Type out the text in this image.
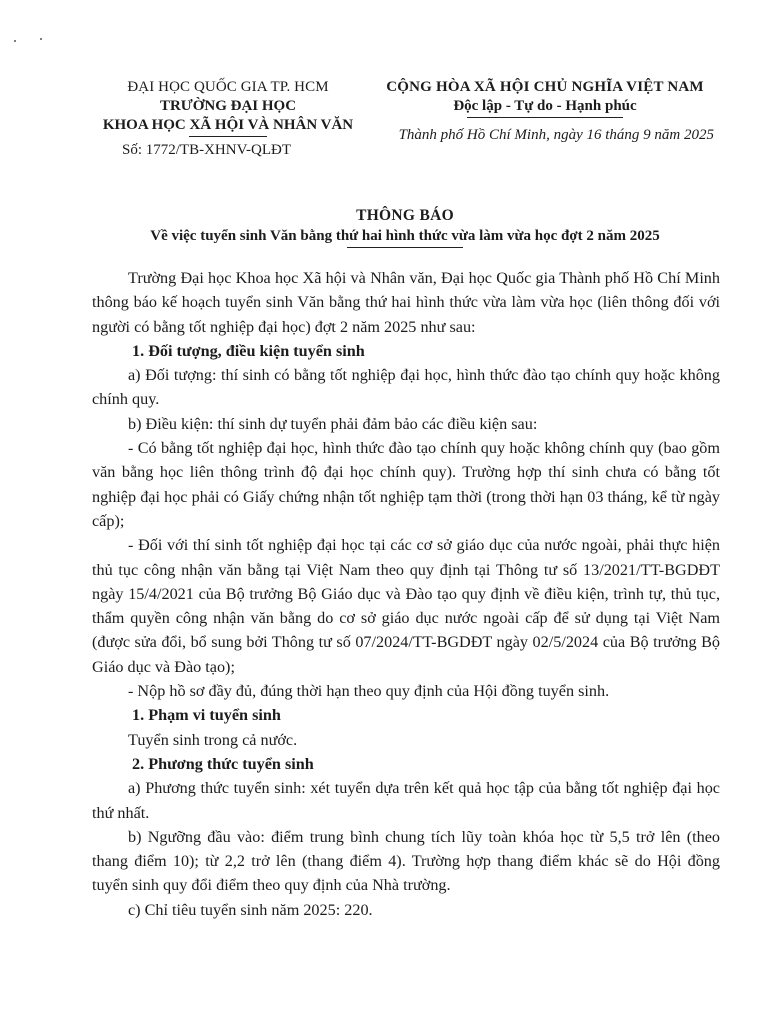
ĐẠI HỌC QUỐC GIA TP. HCM
TRƯỜNG ĐẠI HỌC
KHOA HỌC XÃ HỘI VÀ NHÂN VĂN
Số: 1772/TB-XHNV-QLĐT
CỘNG HÒA XÃ HỘI CHỦ NGHĨA VIỆT NAM
Độc lập - Tự do - Hạnh phúc
Thành phố Hồ Chí Minh, ngày 16 tháng 9 năm 2025
THÔNG BÁO
Về việc tuyển sinh Văn bằng thứ hai hình thức vừa làm vừa học đợt 2 năm 2025

Trường Đại học Khoa học Xã hội và Nhân văn, Đại học Quốc gia Thành phố Hồ Chí Minh thông báo kế hoạch tuyển sinh Văn bằng thứ hai hình thức vừa làm vừa học (liên thông đối với người có bằng tốt nghiệp đại học) đợt 2 năm 2025 như sau:

1. Đối tượng, điều kiện tuyển sinh

a) Đối tượng: thí sinh có bằng tốt nghiệp đại học, hình thức đào tạo chính quy hoặc không chính quy.

b) Điều kiện: thí sinh dự tuyển phải đảm bảo các điều kiện sau:

- Có bằng tốt nghiệp đại học, hình thức đào tạo chính quy hoặc không chính quy (bao gồm văn bằng học liên thông trình độ đại học chính quy). Trường hợp thí sinh chưa có bằng tốt nghiệp đại học phải có Giấy chứng nhận tốt nghiệp tạm thời (trong thời hạn 03 tháng, kể từ ngày cấp);

- Đối với thí sinh tốt nghiệp đại học tại các cơ sở giáo dục của nước ngoài, phải thực hiện thủ tục công nhận văn bằng tại Việt Nam theo quy định tại Thông tư số 13/2021/TT-BGDĐT ngày 15/4/2021 của Bộ trưởng Bộ Giáo dục và Đào tạo quy định về điều kiện, trình tự, thủ tục, thẩm quyền công nhận văn bằng do cơ sở giáo dục nước ngoài cấp để sử dụng tại Việt Nam (được sửa đổi, bổ sung bởi Thông tư số 07/2024/TT-BGDĐT ngày 02/5/2024 của Bộ trưởng Bộ Giáo dục và Đào tạo);

- Nộp hồ sơ đầy đủ, đúng thời hạn theo quy định của Hội đồng tuyển sinh.

1. Phạm vi tuyển sinh

Tuyển sinh trong cả nước.

2. Phương thức tuyển sinh

a) Phương thức tuyển sinh: xét tuyển dựa trên kết quả học tập của bằng tốt nghiệp đại học thứ nhất.

b) Ngưỡng đầu vào: điểm trung bình chung tích lũy toàn khóa học từ 5,5 trở lên (theo thang điểm 10); từ 2,2 trở lên (thang điểm 4). Trường hợp thang điểm khác sẽ do Hội đồng tuyển sinh quy đổi điểm theo quy định của Nhà trường.

c) Chỉ tiêu tuyển sinh năm 2025: 220.
